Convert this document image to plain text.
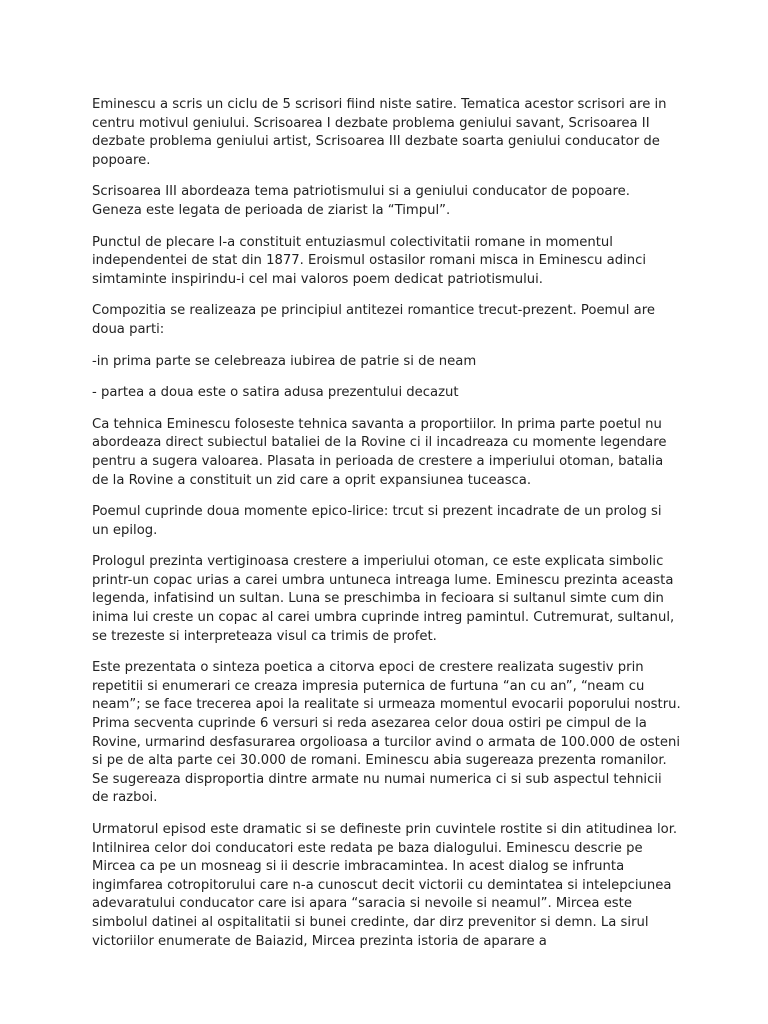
Eminescu a scris un ciclu de 5 scrisori fiind niste satire. Tematica acestor scrisori are in centru motivul geniului. Scrisoarea I dezbate problema geniului savant, Scrisoarea II dezbate problema geniului artist, Scrisoarea III dezbate soarta geniului conducator de popoare.

Scrisoarea III abordeaza tema patriotismului si a geniului conducator de popoare. Geneza este legata de perioada de ziarist la “Timpul”.

Punctul de plecare l-a constituit entuziasmul colectivitatii romane in momentul independentei de stat din 1877. Eroismul ostasilor romani misca in Eminescu adinci simtaminte inspirindu-i cel mai valoros poem dedicat patriotismului.

Compozitia se realizeaza pe principiul antitezei romantice trecut-prezent. Poemul are doua parti:

-in prima parte se celebreaza iubirea de patrie si de neam

- partea a doua este o satira adusa prezentului decazut

Ca tehnica Eminescu foloseste tehnica savanta a proportiilor. In prima parte poetul nu abordeaza direct subiectul bataliei de la Rovine ci il incadreaza cu momente legendare pentru a sugera valoarea. Plasata in perioada de crestere a imperiului otoman, batalia de la Rovine a constituit un zid care a oprit expansiunea tuceasca.

Poemul cuprinde doua momente epico-lirice: trcut si prezent incadrate de un prolog si un epilog.

Prologul prezinta vertiginoasa crestere a imperiului otoman, ce este explicata simbolic printr-un copac urias a carei umbra untuneca intreaga lume. Eminescu prezinta aceasta legenda, infatisind un sultan. Luna se preschimba in fecioara si sultanul simte cum din inima lui creste un copac al carei umbra cuprinde intreg pamintul. Cutremurat, sultanul, se trezeste si interpreteaza visul ca trimis de profet.

Este prezentata o sinteza poetica a citorva epoci de crestere realizata sugestiv prin repetitii si enumerari ce creaza impresia puternica de furtuna “an cu an”, “neam cu neam”; se face trecerea apoi la realitate si urmeaza momentul evocarii poporului nostru. Prima secventa cuprinde 6 versuri si reda asezarea celor doua ostiri pe cimpul de la Rovine, urmarind desfasurarea orgolioasa a turcilor avind o armata de 100.000 de osteni si pe de alta parte cei 30.000 de romani. Eminescu abia sugereaza prezenta romanilor. Se sugereaza disproportia dintre armate nu numai numerica ci si sub aspectul tehnicii de razboi.

Urmatorul episod este dramatic si se defineste prin cuvintele rostite si din atitudinea lor. Intilnirea celor doi conducatori este redata pe baza dialogului. Eminescu descrie pe Mircea ca pe un mosneag si ii descrie imbracamintea. In acest dialog se infrunta ingimfarea cotropitorului care n-a cunoscut decit victorii cu demintatea si intelepciunea adevaratului conducator care isi apara “saracia si nevoile si neamul”. Mircea este simbolul datinei al ospitalitatii si bunei credinte, dar dirz prevenitor si demn. La sirul victoriilor enumerate de Baiazid, Mircea prezinta istoria de aparare a
